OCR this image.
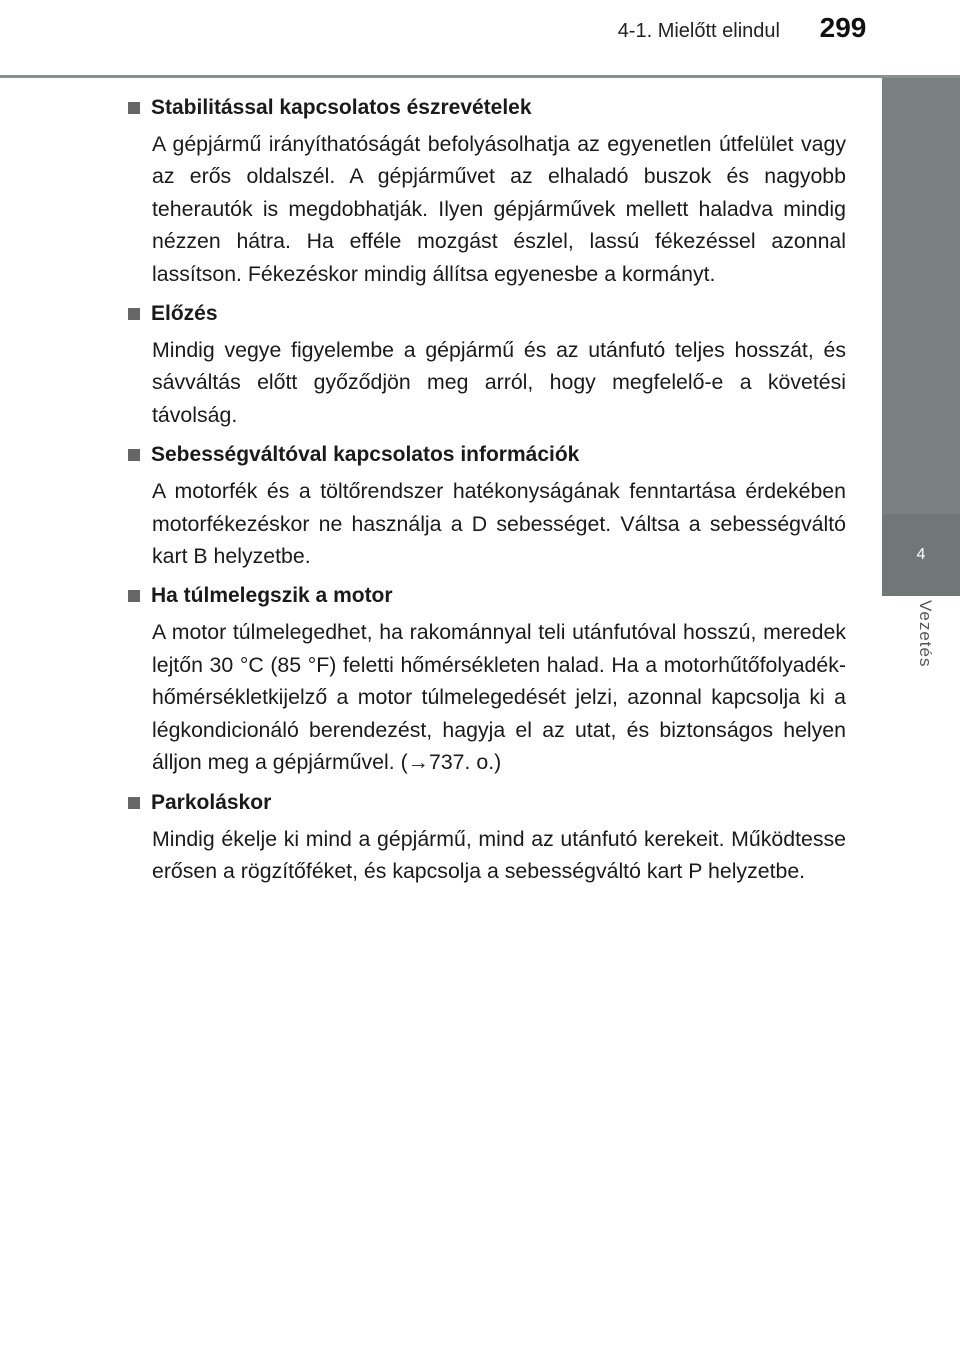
4-1. Mielőtt elindul	299
4
Vezetés
Stabilitással kapcsolatos észrevételek
A gépjármű irányíthatóságát befolyásolhatja az egyenetlen útfelület vagy az erős oldalszél. A gépjárművet az elhaladó buszok és nagyobb teherautók is megdobhatják. Ilyen gépjárművek mellett haladva mindig nézzen hátra. Ha efféle mozgást észlel, lassú fékezéssel azonnal lassítson. Fékezéskor mindig állítsa egyenesbe a kormányt.
Előzés
Mindig vegye figyelembe a gépjármű és az utánfutó teljes hosszát, és sávváltás előtt győződjön meg arról, hogy megfelelő-e a követési távolság.
Sebességváltóval kapcsolatos információk
A motorfék és a töltőrendszer hatékonyságának fenntartása érdekében motorfékezéskor ne használja a D sebességet. Váltsa a sebességváltó kart B helyzetbe.
Ha túlmelegszik a motor
A motor túlmelegedhet, ha rakománnyal teli utánfutóval hosszú, meredek lejtőn 30 °C (85 °F) feletti hőmérsékleten halad. Ha a motorhűtőfolyadék-hőmérsékletkijelző a motor túlmelegedését jelzi, azonnal kapcsolja ki a légkondicionáló berendezést, hagyja el az utat, és biztonságos helyen álljon meg a gépjárművel. (→737. o.)
Parkoláskor
Mindig ékelje ki mind a gépjármű, mind az utánfutó kerekeit. Működtesse erősen a rögzítőféket, és kapcsolja a sebességváltó kart P helyzetbe.
